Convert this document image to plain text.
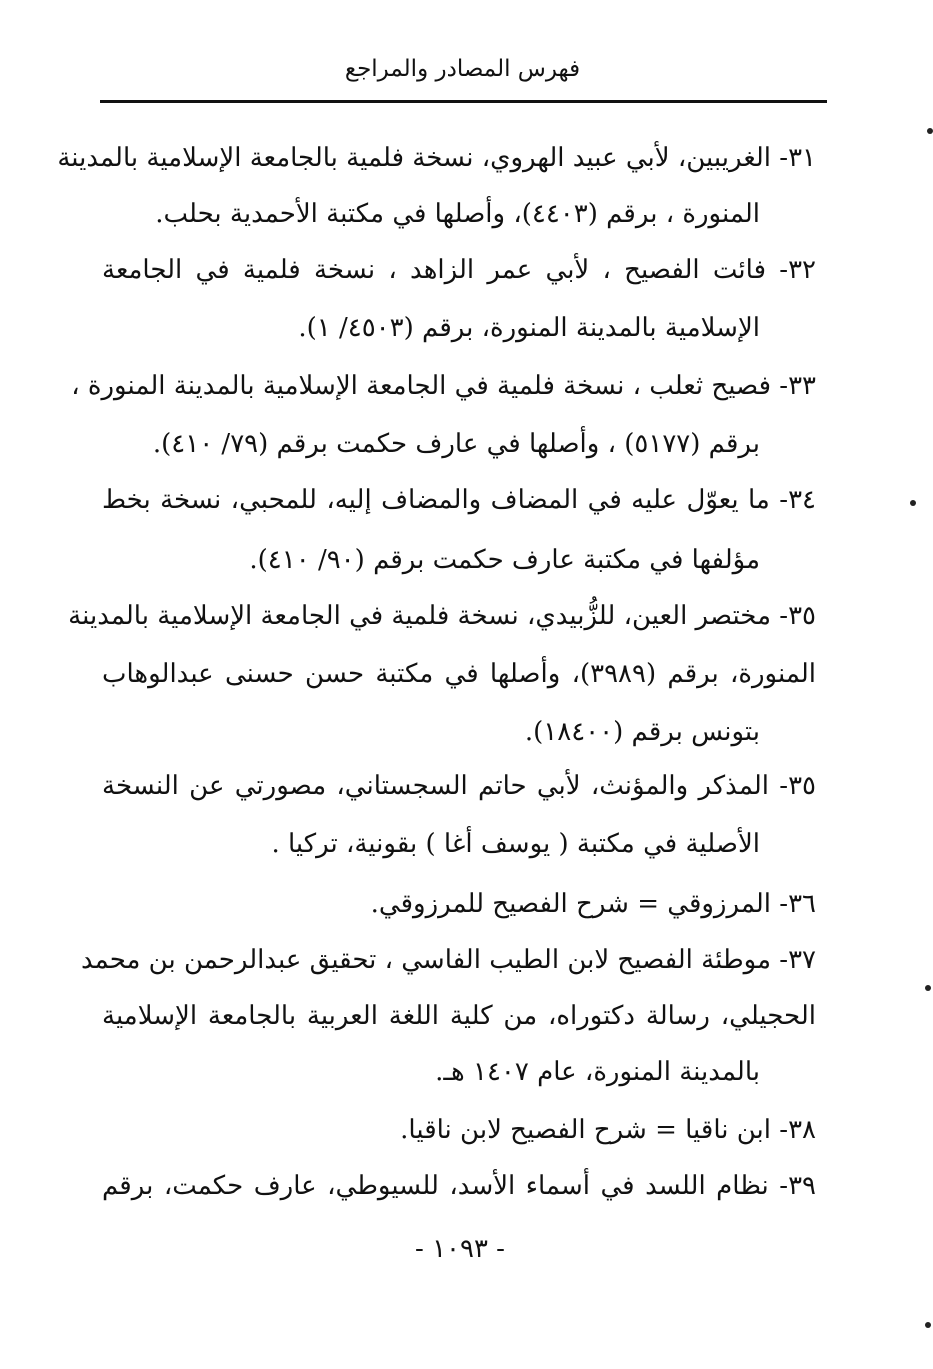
فهرس المصادر والمراجع
٣١- الغريبين، لأبي عبيد الهروي، نسخة فلمية بالجامعة الإسلامية بالمدينة
المنورة ، برقم (٤٤٠٣)، وأصلها في مكتبة الأحمدية بحلب.
٣٢- فائت الفصيح ، لأبي عمر الزاهد ، نسخة فلمية في الجامعة
الإسلامية بالمدينة المنورة، برقم (٤٥٠٣/ ١).
٣٣- فصيح ثعلب ، نسخة فلمية في الجامعة الإسلامية بالمدينة المنورة ،
برقم (٥١٧٧) ، وأصلها في عارف حكمت برقم (٧٩/ ٤١٠).
٣٤- ما يعوّل عليه في المضاف والمضاف إليه، للمحبي، نسخة بخط
مؤلفها في مكتبة عارف حكمت برقم (٩٠/ ٤١٠).
٣٥- مختصر العين، للزُّبيدي، نسخة فلمية في الجامعة الإسلامية بالمدينة
المنورة، برقم (٣٩٨٩)، وأصلها في مكتبة حسن حسنى عبدالوهاب
بتونس برقم (١٨٤٠٠).
٣٥- المذكر والمؤنث، لأبي حاتم السجستاني، مصورتي عن النسخة
الأصلية في مكتبة ( يوسف أغا ) بقونية، تركيا .
٣٦- المرزوقي = شرح الفصيح للمرزوقي.
٣٧- موطئة الفصيح لابن الطيب الفاسي ، تحقيق عبدالرحمن بن محمد
الحجيلي، رسالة دكتوراه، من كلية اللغة العربية بالجامعة الإسلامية
بالمدينة المنورة، عام ١٤٠٧ هـ.
٣٨- ابن ناقيا = شرح الفصيح لابن ناقيا.
٣٩- نظام اللسد في أسماء الأسد، للسيوطي، عارف حكمت، برقم
- ١٠٩٣ -
